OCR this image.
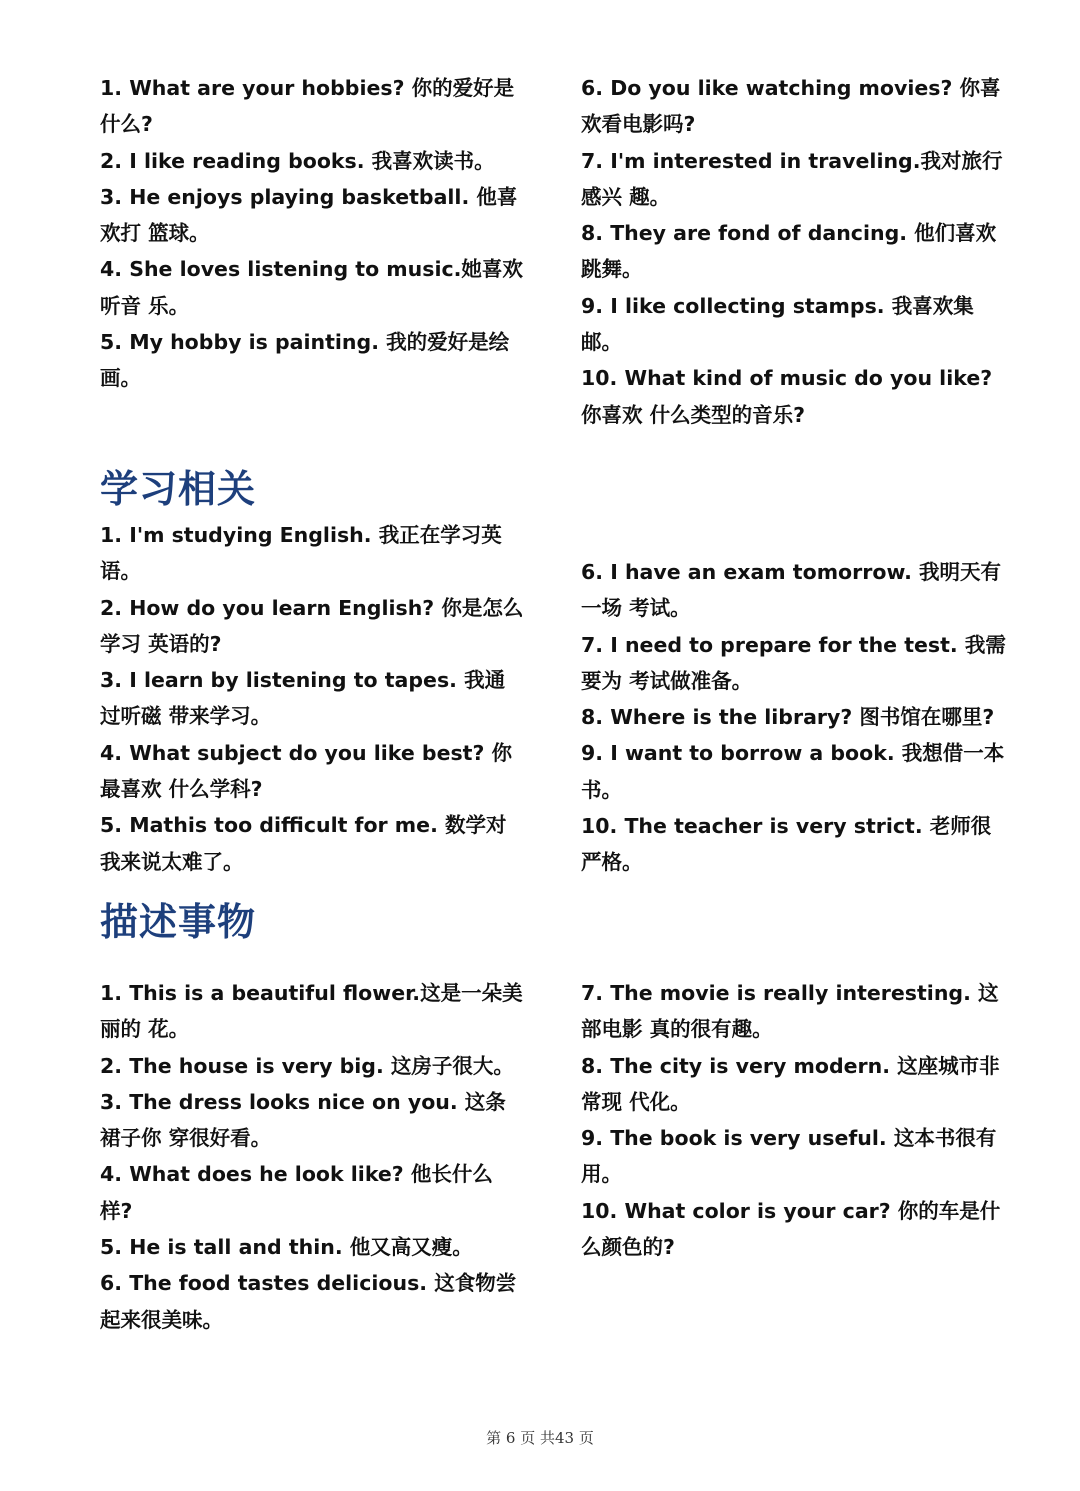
1. What are your hobbies? 你的爱好是什么?
2. I like reading books. 我喜欢读书。
3. He enjoys playing basketball. 他喜欢打 篮球。
4. She loves listening to music.她喜欢听音 乐。
5. My hobby is painting. 我的爱好是绘画。
6. Do you like watching movies? 你喜欢看电影吗?
7. I'm interested in traveling.我对旅行感兴 趣。
8. They are fond of dancing. 他们喜欢跳舞。
9. I like collecting stamps. 我喜欢集邮。
10. What kind of music do you like? 你喜欢 什么类型的音乐?
学习相关
1. I'm studying English. 我正在学习英语。
2. How do you learn English? 你是怎么学习 英语的?
3. I learn by listening to tapes. 我通过听磁 带来学习。
4. What subject do you like best? 你最喜欢 什么学科?
5. Mathis too difficult for me. 数学对我来说太难了。
6. I have an exam tomorrow. 我明天有一场 考试。
7. I need to prepare for the test. 我需要为 考试做准备。
8. Where is the library? 图书馆在哪里?
9. I want to borrow a book. 我想借一本书。
10. The teacher is very strict. 老师很严格。
描述事物
1. This is a beautiful flower.这是一朵美丽的 花。
2. The house is very big. 这房子很大。
3. The dress looks nice on you. 这条裙子你 穿很好看。
4. What does he look like? 他长什么样?
5. He is tall and thin. 他又高又瘦。
6. The food tastes delicious. 这食物尝起来很美味。
7. The movie is really interesting. 这部电影 真的很有趣。
8. The city is very modern. 这座城市非常现 代化。
9. The book is very useful. 这本书很有用。
10. What color is your car? 你的车是什么颜色的?
第 6 页 共43 页
